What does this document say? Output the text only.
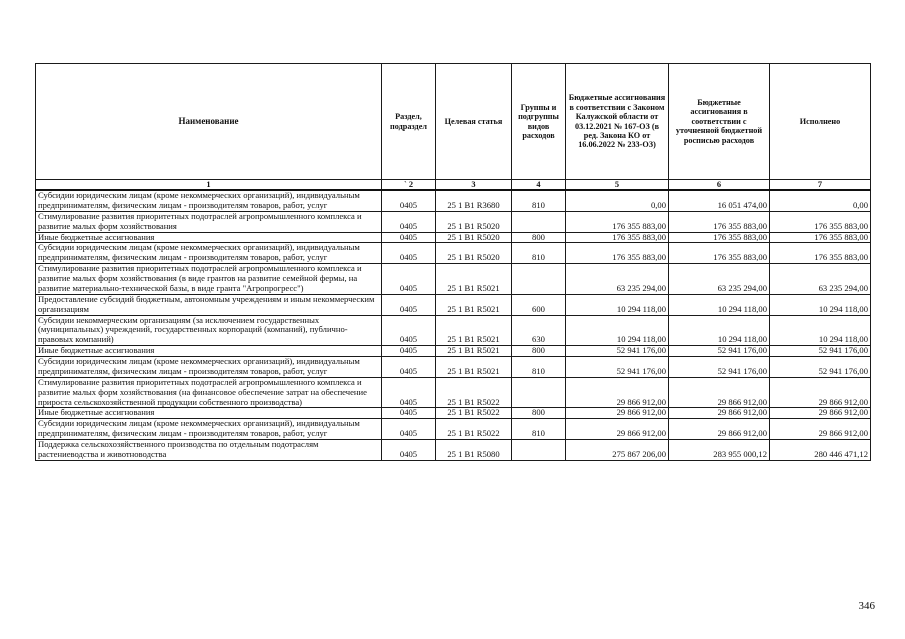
Наименование	Раздел, подраздел	Целевая статья	Группы и подгруппы видов расходов	Бюджетные ассигнования в соответствии с Законом Калужской области от 03.12.2021 № 167-ОЗ (в ред. Закона КО от 16.06.2022 № 233-ОЗ)	Бюджетные ассигнования в соответствии с уточненной бюджетной росписью расходов	Исполнено
1	` 2	3	4	5	6	7
Субсидии юридическим лицам (кроме некоммерческих организаций), индивидуальным предпринимателям, физическим лицам - производителям товаров, работ, услуг	0405	25 1 В1 R3680	810	0,00	16 051 474,00	0,00
Стимулирование развития приоритетных подотраслей агропромышленного комплекса и развитие малых форм хозяйствования	0405	25 1 В1 R5020		176 355 883,00	176 355 883,00	176 355 883,00
Иные бюджетные ассигнования	0405	25 1 В1 R5020	800	176 355 883,00	176 355 883,00	176 355 883,00
Субсидии юридическим лицам (кроме некоммерческих организаций), индивидуальным предпринимателям, физическим лицам - производителям товаров, работ, услуг	0405	25 1 В1 R5020	810	176 355 883,00	176 355 883,00	176 355 883,00
Стимулирование развития приоритетных подотраслей агропромышленного комплекса и развитие малых форм хозяйствования (в виде грантов на развитие семейной фермы, на развитие материально-технической базы, в виде гранта "Агропрогресс")	0405	25 1 В1 R5021		63 235 294,00	63 235 294,00	63 235 294,00
Предоставление субсидий бюджетным, автономным учреждениям и иным некоммерческим организациям	0405	25 1 В1 R5021	600	10 294 118,00	10 294 118,00	10 294 118,00
Субсидии некоммерческим организациям (за исключением государственных (муниципальных) учреждений, государственных корпораций (компаний), публично-правовых компаний)	0405	25 1 В1 R5021	630	10 294 118,00	10 294 118,00	10 294 118,00
Иные бюджетные ассигнования	0405	25 1 В1 R5021	800	52 941 176,00	52 941 176,00	52 941 176,00
Субсидии юридическим лицам (кроме некоммерческих организаций), индивидуальным предпринимателям, физическим лицам - производителям товаров, работ, услуг	0405	25 1 В1 R5021	810	52 941 176,00	52 941 176,00	52 941 176,00
Стимулирование развития приоритетных подотраслей агропромышленного комплекса и развитие малых форм хозяйствования (на финансовое обеспечение затрат на обеспечение прироста сельскохозяйственной продукции собственного производства)	0405	25 1 В1 R5022		29 866 912,00	29 866 912,00	29 866 912,00
Иные бюджетные ассигнования	0405	25 1 В1 R5022	800	29 866 912,00	29 866 912,00	29 866 912,00
Субсидии юридическим лицам (кроме некоммерческих организаций), индивидуальным предпринимателям, физическим лицам - производителям товаров, работ, услуг	0405	25 1 В1 R5022	810	29 866 912,00	29 866 912,00	29 866 912,00
Поддержка сельскохозяйственного производства по отдельным подотраслям растениеводства и животноводства	0405	25 1 В1 R5080		275 867 206,00	283 955 000,12	280 446 471,12
346
